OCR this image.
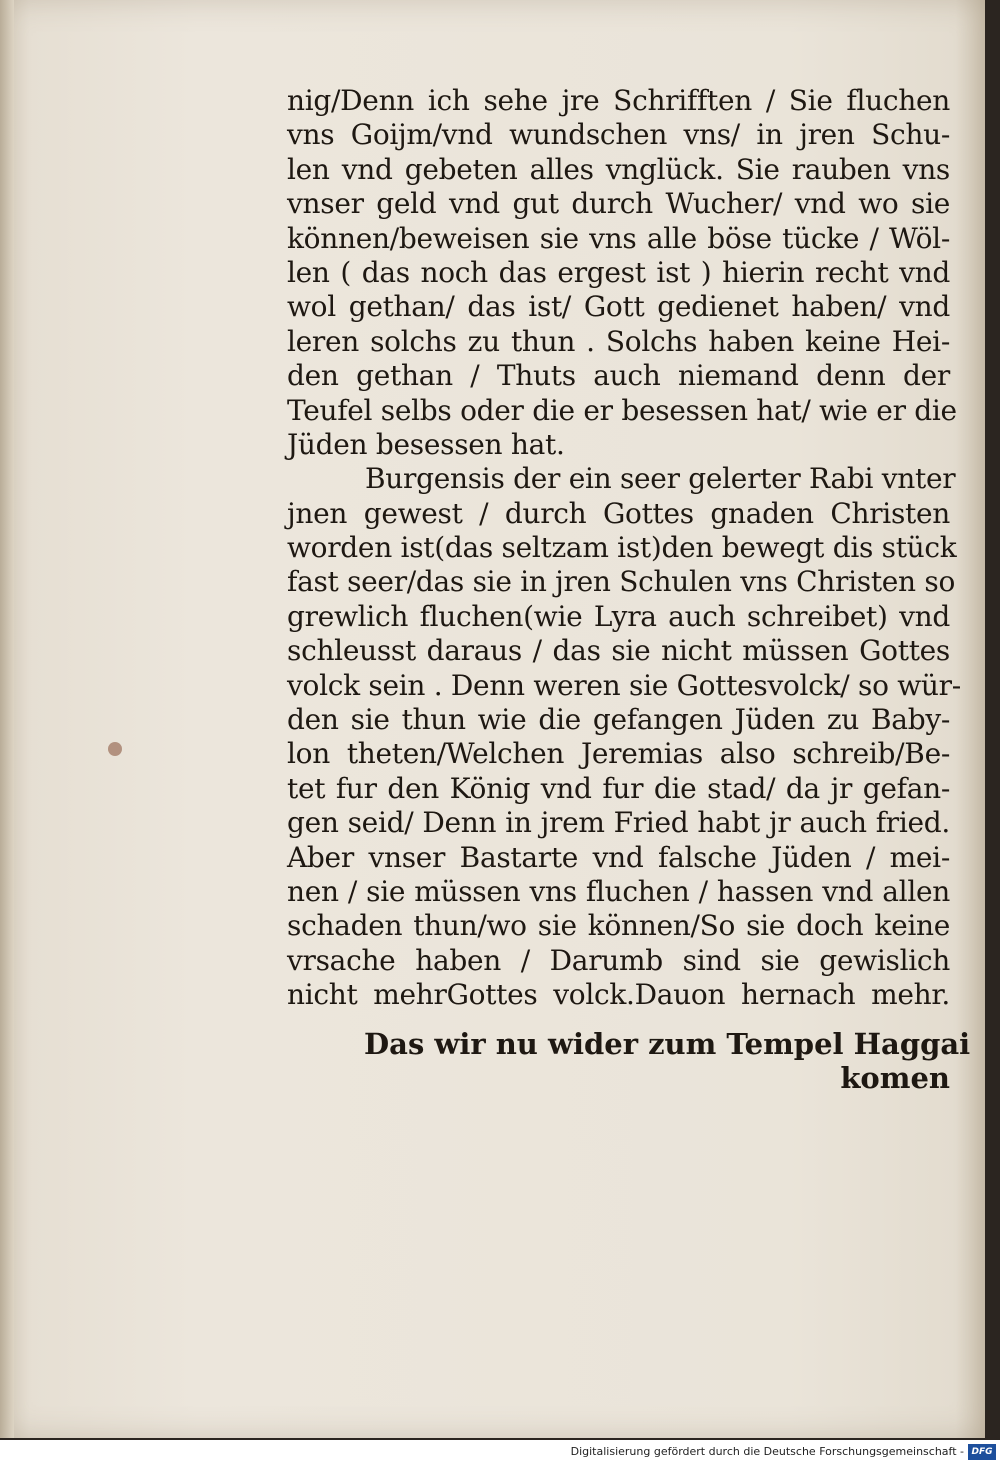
nig/Denn ich sehe jre Schrifften / Sie fluchen
vns Goijm/vnd wundschen vns/ in jren Schu-
len vnd gebeten alles vnglück. Sie rauben vns
vnser geld vnd gut durch Wucher/ vnd wo sie
können/beweisen sie vns alle böse tücke / Wöl-
len ( das noch das ergest ist ) hierin recht vnd
wol gethan/ das ist/ Gott gedienet haben/ vnd
leren solchs zu thun . Solchs haben keine Hei-
den gethan / Thuts auch niemand denn der
Teufel selbs oder die er besessen hat/ wie er die
Jüden besessen hat.
Burgensis der ein seer gelerter Rabi vnter
jnen gewest / durch Gottes gnaden Christen
worden ist(das seltzam ist)den bewegt dis stück
fast seer/das sie in jren Schulen vns Christen so
grewlich fluchen(wie Lyra auch schreibet) vnd
schleusst daraus / das sie nicht müssen Gottes
volck sein . Denn weren sie Gottesvolck/ so wür-
den sie thun wie die gefangen Jüden zu Baby-
lon theten/Welchen Jeremias also schreib/Be-
tet fur den König vnd fur die stad/ da jr gefan-
gen seid/ Denn in jrem Fried habt jr auch fried.
Aber vnser Bastarte vnd falsche Jüden / mei-
nen / sie müssen vns fluchen / hassen vnd allen
schaden thun/wo sie können/So sie doch keine
vrsache haben / Darumb sind sie gewislich
nicht mehrGottes volck.Dauon hernach mehr.
Das wir nu wider zum Tempel Haggai
komen
Digitalisierung gefördert durch die Deutsche Forschungsgemeinschaft - DFG
